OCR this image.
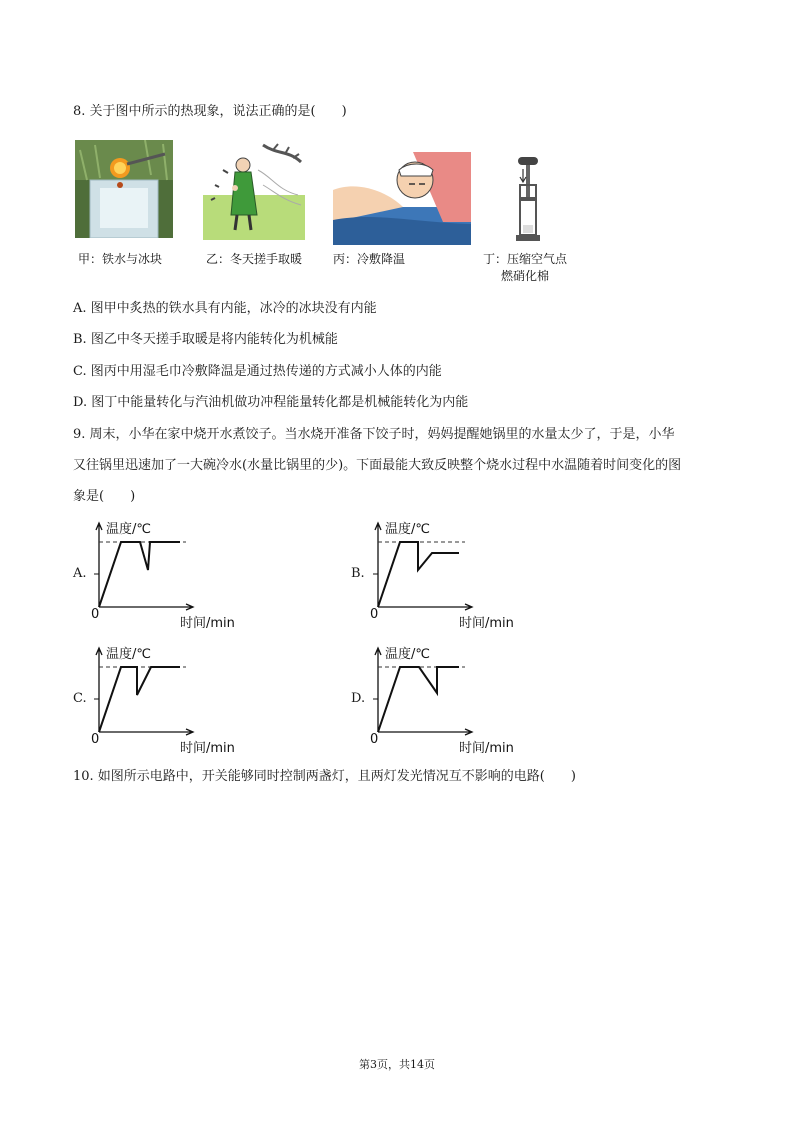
8. 关于图中所示的热现象，说法正确的是(　　)
甲：铁水与冰块	乙：冬天搓手取暖	丙：冷敷降温	丁：压缩空气点
燃硝化棉
A. 图甲中炙热的铁水具有内能，冰冷的冰块没有内能
B. 图乙中冬天搓手取暖是将内能转化为机械能
C. 图丙中用湿毛巾冷敷降温是通过热传递的方式减小人体的内能
D. 图丁中能量转化与汽油机做功冲程能量转化都是机械能转化为内能
9. 周末，小华在家中烧开水煮饺子。当水烧开准备下饺子时，妈妈提醒她锅里的水量太少了，于是，小华
又往锅里迅速加了一大碗冷水(水量比锅里的少)。下面最能大致反映整个烧水过程中水温随着时间变化的图
象是(　　)
A.
温度/℃
时间/min
0
B.
温度/℃
时间/min
0
C.
温度/℃
时间/min
0
D.
温度/℃
时间/min
0
10. 如图所示电路中，开关能够同时控制两盏灯，且两灯发光情况互不影响的电路(　　)
第3页，共14页
